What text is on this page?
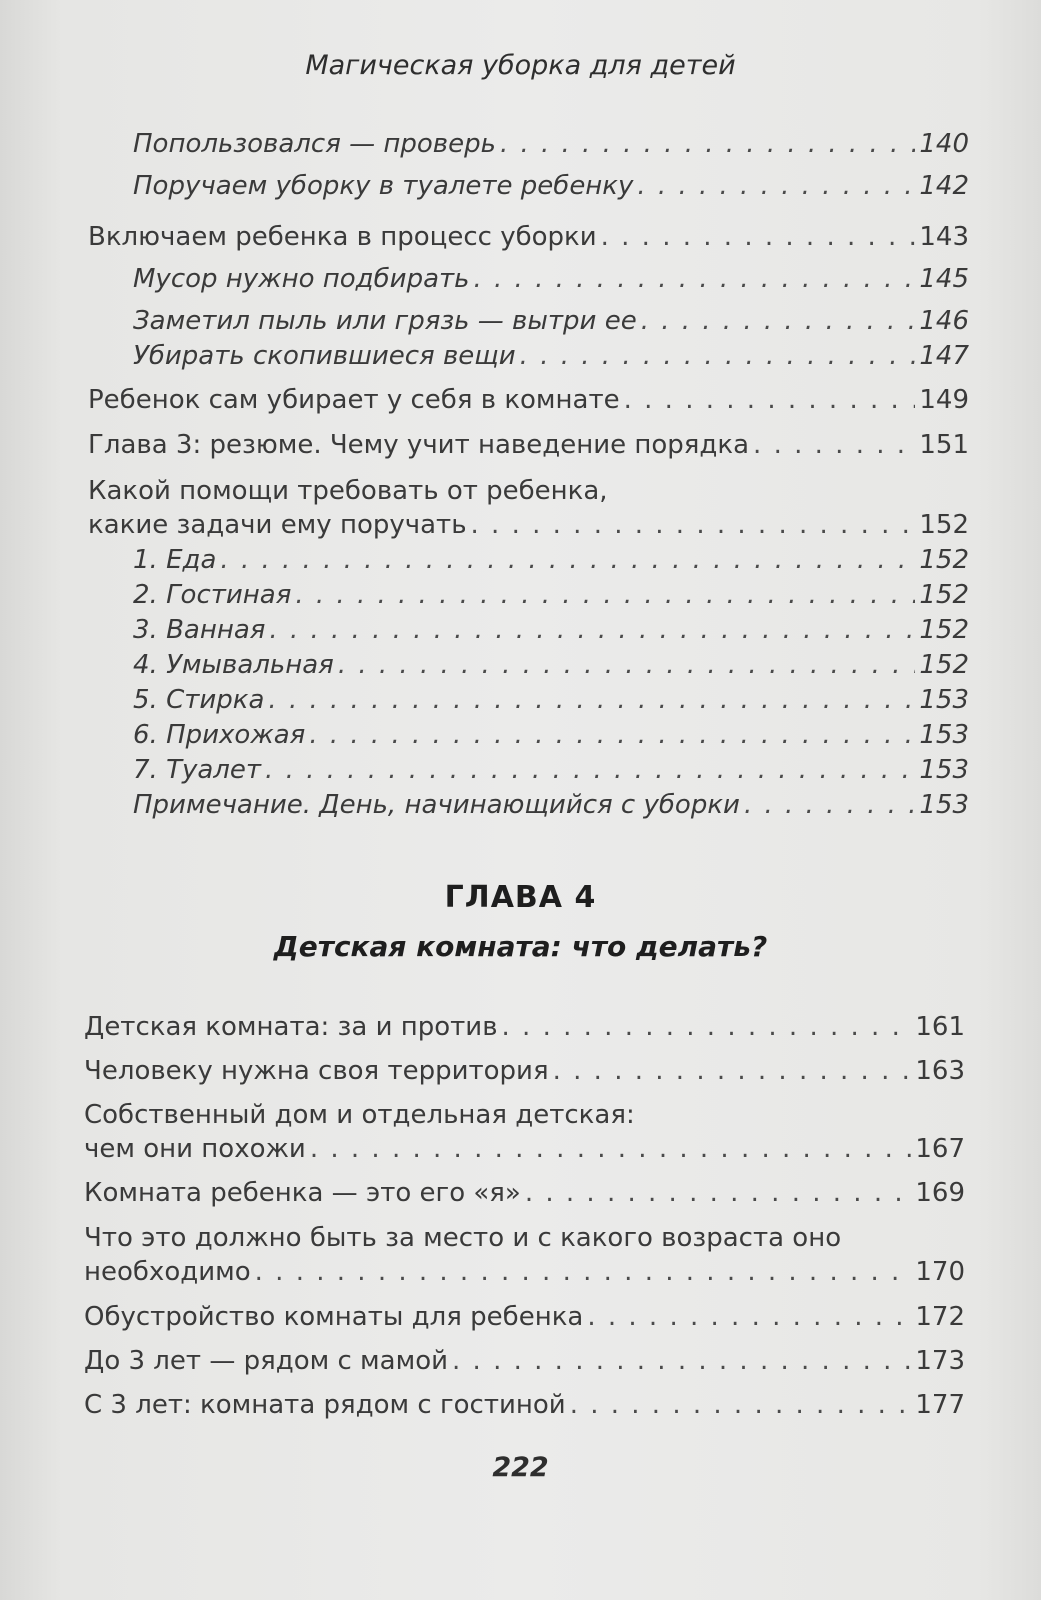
Магическая уборка для детей
Попользовался — проверь . . .	140
Поручаем уборку в туалете ребенку . . .	142
Включаем ребенка в процесс уборки . . .	143
Мусор нужно подбирать . . .	145
Заметил пыль или грязь — вытри ее . . .	146
Убирать скопившиеся вещи . . .	147
Ребенок сам убирает у себя в комнате . . .	149
Глава 3: резюме. Чему учит наведение порядка . . .	151
Какой помощи требовать от ребенка,
какие задачи ему поручать . . .	152
1. Еда . . .	152
2. Гостиная . . .	152
3. Ванная . . .	152
4. Умывальная . . .	152
5. Стирка . . .	153
6. Прихожая . . .	153
7. Туалет . . .	153
Примечание. День, начинающийся с уборки . . .	153
ГЛАВА 4
Детская комната: что делать?
Детская комната: за и против . . .	161
Человеку нужна своя территория . . .	163
Собственный дом и отдельная детская:
чем они похожи . . .	167
Комната ребенка — это его «я» . . .	169
Что это должно быть за место и с какого возраста оно
необходимо . . .	170
Обустройство комнаты для ребенка . . .	172
До 3 лет — рядом с мамой . . .	173
С 3 лет: комната рядом с гостиной . . .	177
222
